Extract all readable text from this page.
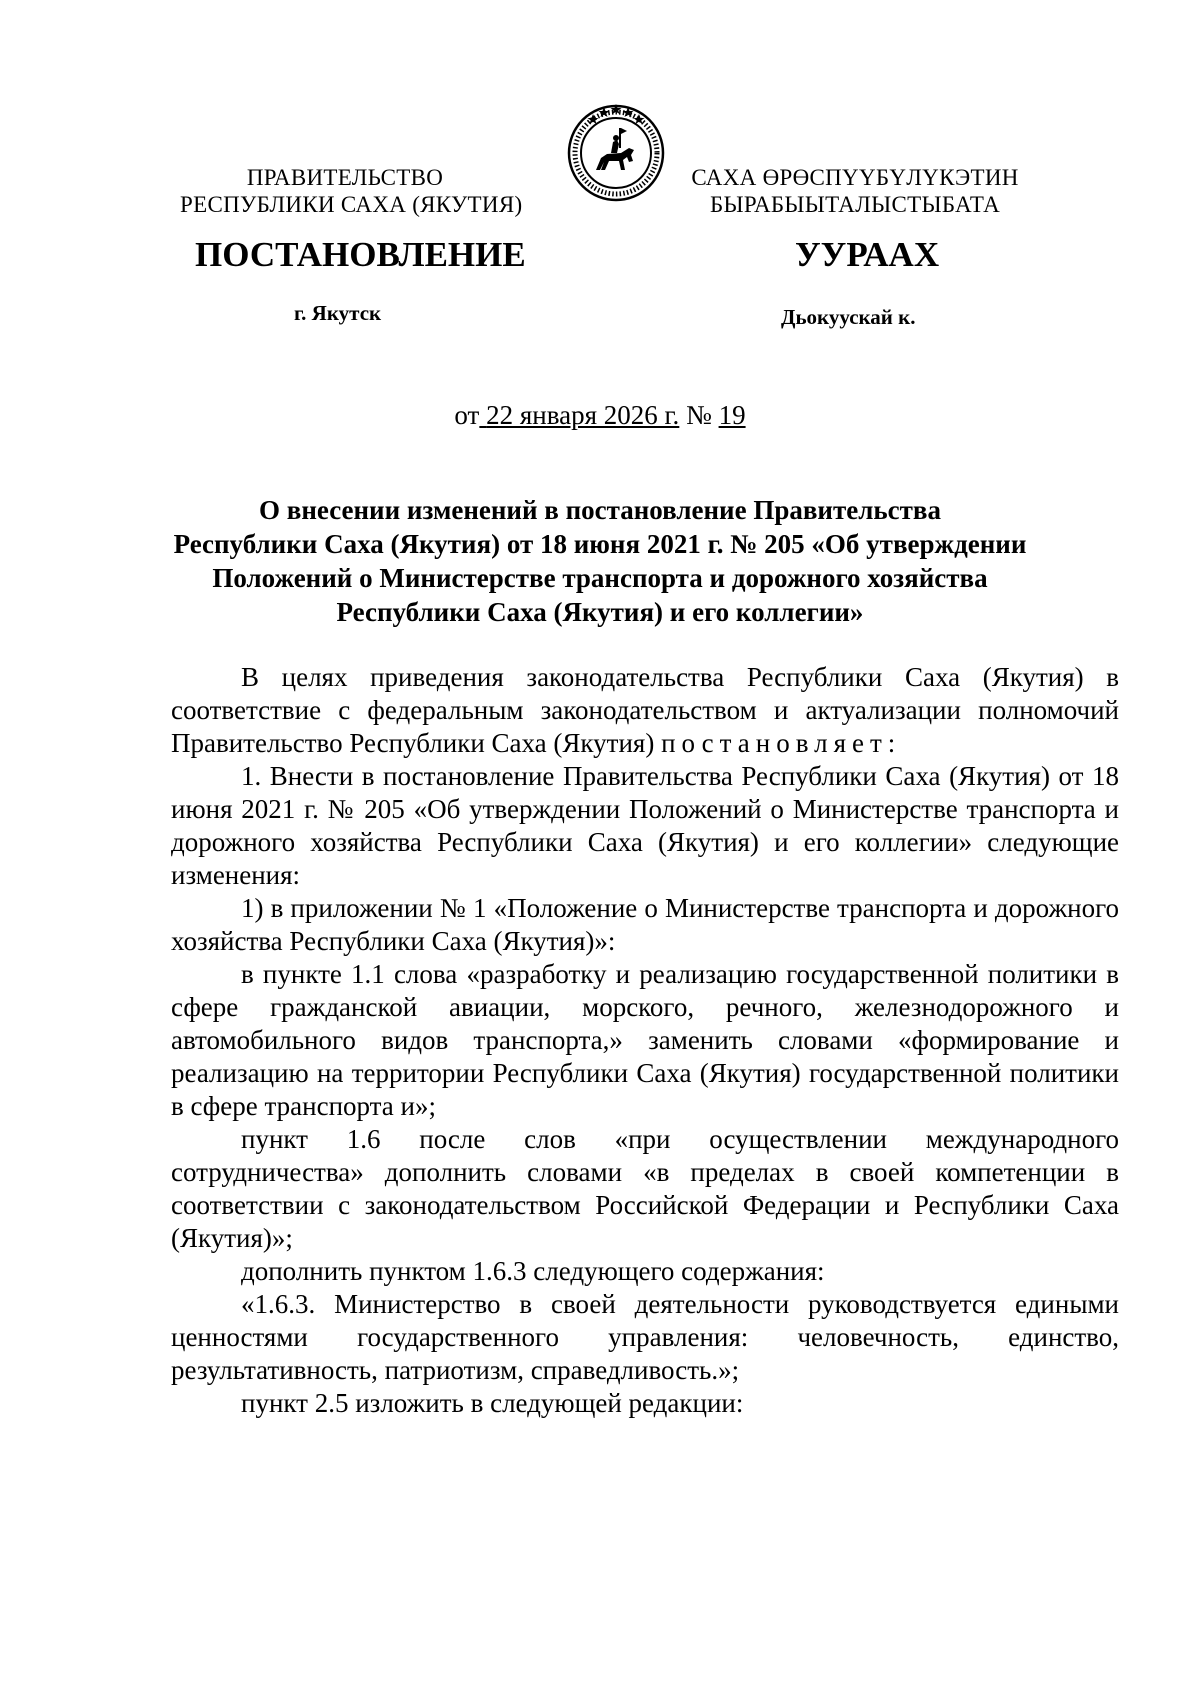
ПРАВИТЕЛЬСТВО
РЕСПУБЛИКИ САХА (ЯКУТИЯ)
САХА ӨРӨСПҮҮБҮЛҮКЭТИН
БЫРАБЫЫТАЛЫСТЫБАТА
ПОСТАНОВЛЕНИЕ	УУРААХ
г. Якутск	Дьокуускай к.
от 22 января 2026 г. № 19
О внесении изменений в постановление Правительства
Республики Саха (Якутия) от 18 июня 2021 г. № 205 «Об утверждении
Положений о Министерстве транспорта и дорожного хозяйства
Республики Саха (Якутия) и его коллегии»

В целях приведения законодательства Республики Саха (Якутия) в соответствие с федеральным законодательством и актуализации полномочий Правительство Республики Саха (Якутия) постановляет:

1. Внести в постановление Правительства Республики Саха (Якутия) от 18 июня 2021 г. № 205 «Об утверждении Положений о Министерстве транспорта и дорожного хозяйства Республики Саха (Якутия) и его коллегии» следующие изменения:

1) в приложении № 1 «Положение о Министерстве транспорта и дорожного хозяйства Республики Саха (Якутия)»:

в пункте 1.1 слова «разработку и реализацию государственной политики в сфере гражданской авиации, морского, речного, железнодорожного и автомобильного видов транспорта,» заменить словами «формирование и реализацию на территории Республики Саха (Якутия) государственной политики в сфере транспорта и»;

пункт 1.6 после слов «при осуществлении международного сотрудничества» дополнить словами «в пределах в своей компетенции в соответствии с законодательством Российской Федерации и Республики Саха (Якутия)»;

дополнить пунктом 1.6.3 следующего содержания:

«1.6.3. Министерство в своей деятельности руководствуется едиными ценностями государственного управления: человечность, единство, результативность, патриотизм, справедливость.»;

пункт 2.5 изложить в следующей редакции:
